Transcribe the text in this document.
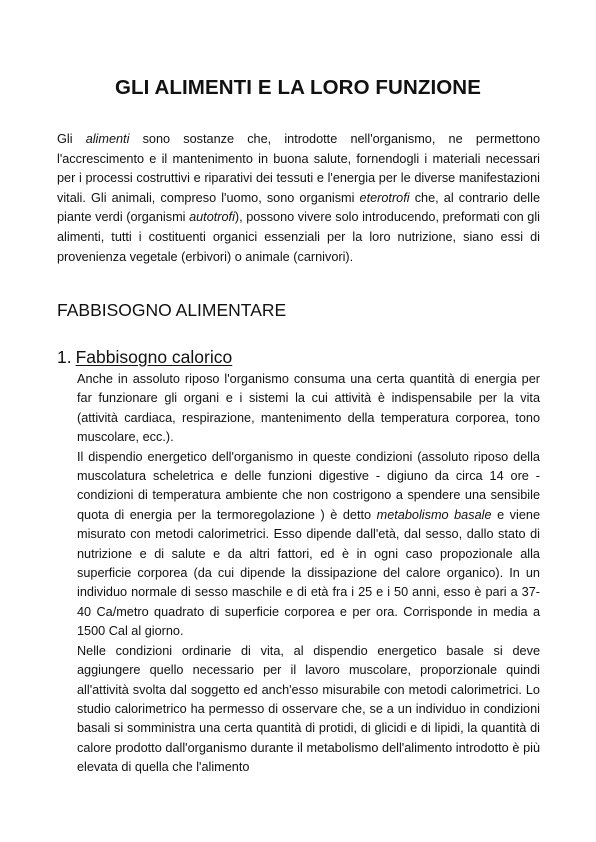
GLI ALIMENTI E LA LORO FUNZIONE

Gli alimenti sono sostanze che, introdotte nell'organismo, ne permettono l'accrescimento e il mantenimento in buona salute, fornendogli i materiali necessari per i processi costruttivi e riparativi dei tessuti e l'energia per le diverse manifestazioni vitali. Gli animali, compreso l'uomo, sono organismi eterotrofi che, al contrario delle piante verdi (organismi autotrofi), possono vivere solo introducendo, preformati con gli alimenti, tutti i costituenti organici essenziali per la loro nutrizione, siano essi di provenienza vegetale (erbivori) o animale (carnivori).

FABBISOGNO ALIMENTARE
1. Fabbisogno calorico

Anche in assoluto riposo l'organismo consuma una certa quantità di energia per far funzionare gli organi e i sistemi la cui attività è indispensabile per la vita (attività cardiaca, respirazione, mantenimento della temperatura corporea, tono muscolare, ecc.).

Il dispendio energetico dell'organismo in queste condizioni (assoluto riposo della muscolatura scheletrica e delle funzioni digestive - digiuno da circa 14 ore - condizioni di temperatura ambiente che non costrigono a spendere una sensibile quota di energia per la termoregolazione ) è detto metabolismo basale e viene misurato con metodi calorimetrici. Esso dipende dall'età, dal sesso, dallo stato di nutrizione e di salute e da altri fattori, ed è in ogni caso propozionale alla superficie corporea (da cui dipende la dissipazione del calore organico). In un individuo normale di sesso maschile e di età fra i 25 e i 50 anni, esso è pari a 37-40 Ca/metro quadrato di superficie corporea e per ora. Corrisponde in media a 1500 Cal al giorno.

Nelle condizioni ordinarie di vita, al dispendio energetico basale si deve aggiungere quello necessario per il lavoro muscolare, proporzionale quindi all'attività svolta dal soggetto ed anch'esso misurabile con metodi calorimetrici. Lo studio calorimetrico ha permesso di osservare che, se a un individuo in condizioni basali si somministra una certa quantità di protidi, di glicidi e di lipidi, la quantità di calore prodotto dall'organismo durante il metabolismo dell'alimento introdotto è più elevata di quella che l'alimento
